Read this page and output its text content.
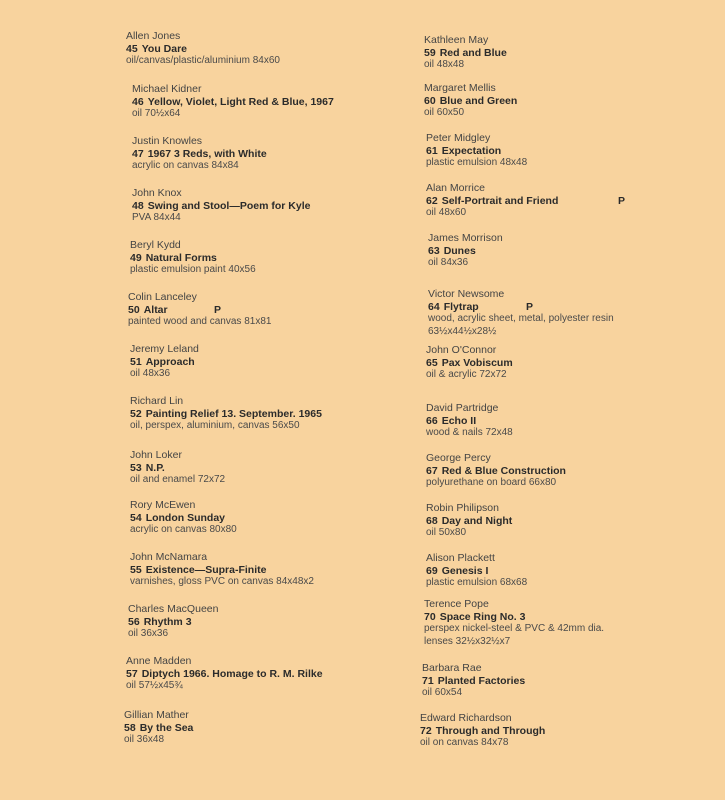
Allen Jones
45 You Dare
oil/canvas/plastic/aluminium 84x60
Michael Kidner
46 Yellow, Violet, Light Red & Blue, 1967
oil 70½x64
Justin Knowles
47 1967 3 Reds, with White
acrylic on canvas 84x84
John Knox
48 Swing and Stool—Poem for Kyle
PVA 84x44
Beryl Kydd
49 Natural Forms
plastic emulsion paint 40x56
Colin Lanceley
50 Altar	P
painted wood and canvas 81x81
Jeremy Leland
51 Approach
oil 48x36
Richard Lin
52 Painting Relief 13. September. 1965
oil, perspex, aluminium, canvas 56x50
John Loker
53 N.P.
oil and enamel 72x72
Rory McEwen
54 London Sunday
acrylic on canvas 80x80
John McNamara
55 Existence—Supra-Finite
varnishes, gloss PVC on canvas 84x48x2
Charles MacQueen
56 Rhythm 3
oil 36x36
Anne Madden
57 Diptych 1966. Homage to R. M. Rilke
oil 57½x45¾
Gillian Mather
58 By the Sea
oil 36x48
Kathleen May
59 Red and Blue
oil 48x48
Margaret Mellis
60 Blue and Green
oil 60x50
Peter Midgley
61 Expectation
plastic emulsion 48x48
Alan Morrice
62 Self-Portrait and Friend	P
oil 48x60
James Morrison
63 Dunes
oil 84x36
Victor Newsome
64 Flytrap	P
wood, acrylic sheet, metal, polyester resin
63½x44½x28½
John O'Connor
65 Pax Vobiscum
oil & acrylic 72x72
David Partridge
66 Echo II
wood & nails 72x48
George Percy
67 Red & Blue Construction
polyurethane on board 66x80
Robin Philipson
68 Day and Night
oil 50x80
Alison Plackett
69 Genesis I
plastic emulsion 68x68
Terence Pope
70 Space Ring No. 3
perspex nickel-steel & PVC & 42mm dia.
lenses 32½x32½x7
Barbara Rae
71 Planted Factories
oil 60x54
Edward Richardson
72 Through and Through
oil on canvas 84x78
